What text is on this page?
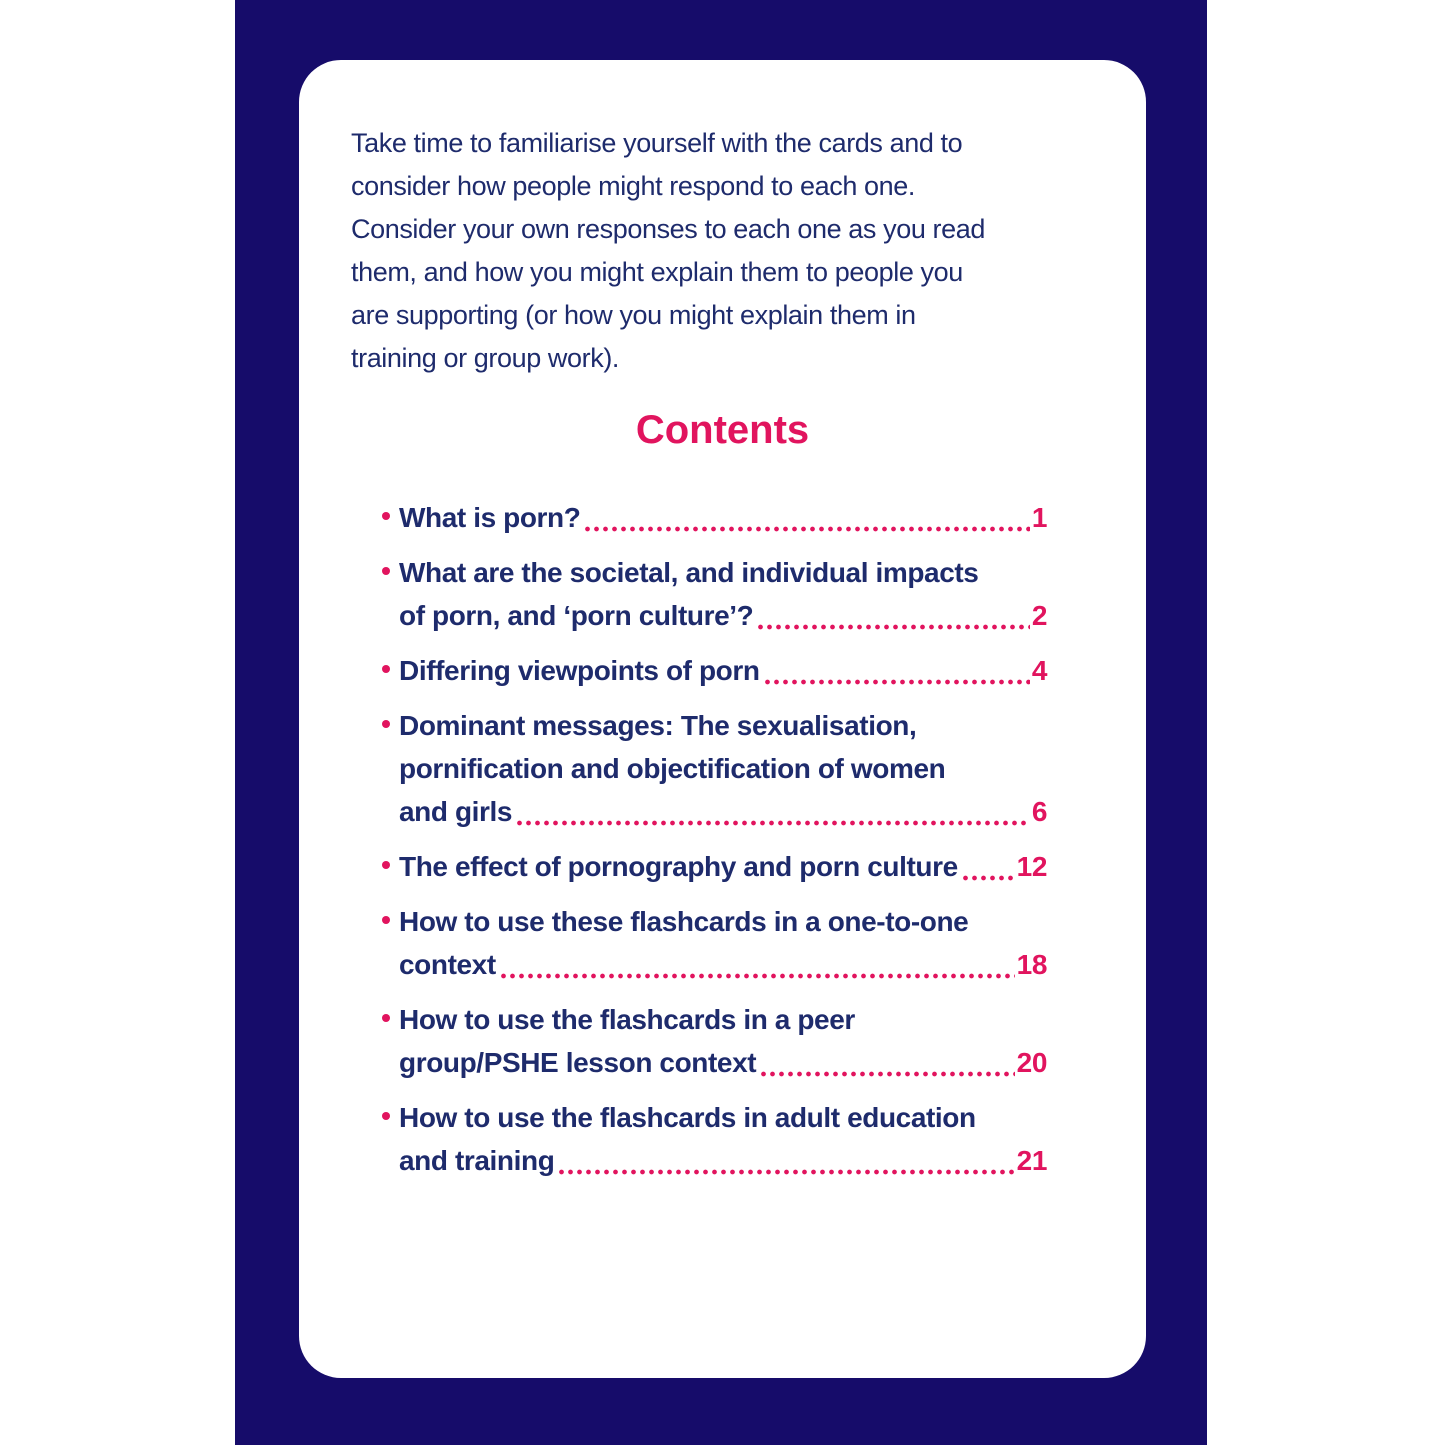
Take time to familiarise yourself with the cards and to
consider how people might respond to each one.
Consider your own responses to each one as you read
them, and how you might explain them to people you
are supporting (or how you might explain them in
training or group work).
Contents
What is porn?	1
What are the societal, and individual impacts
of porn, and ‘porn culture’?	2
Differing viewpoints of porn	4
Dominant messages: The sexualisation,
pornification and objectification of women
and girls	6
The effect of pornography and porn culture 12
How to use these flashcards in a one-to-one
context	18
How to use the flashcards in a peer
group/PSHE lesson context	20
How to use the flashcards in adult education
and training	21
